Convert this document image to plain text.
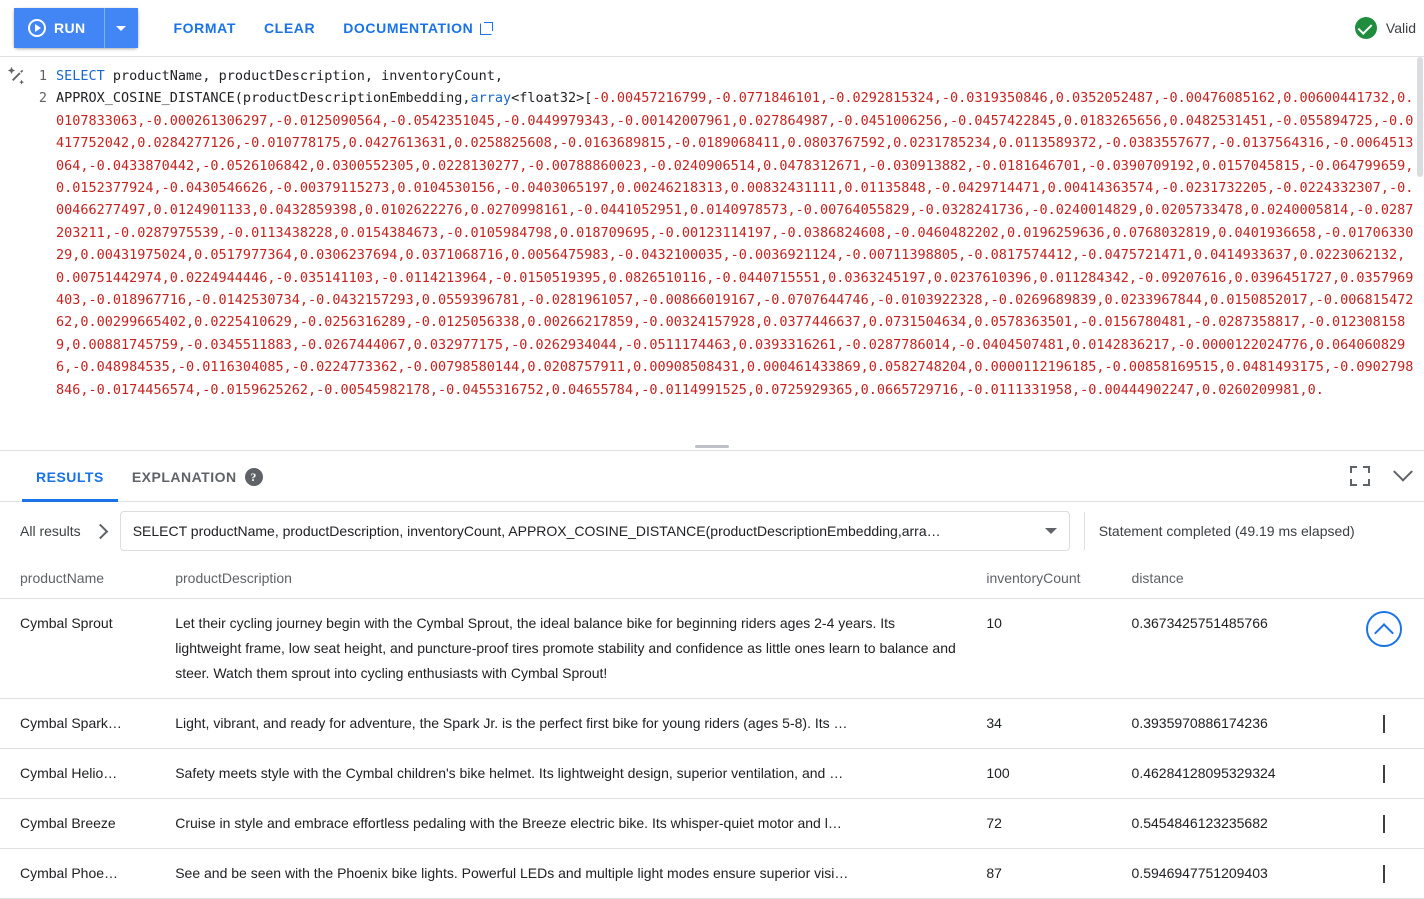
RUN	FORMAT CLEAR DOCUMENTATION	Valid
1
2
SELECT productName, productDescription, inventoryCount,
APPROX_COSINE_DISTANCE(productDescriptionEmbedding,array<float32>[-0.00457216799,-0.0771846101,-0.0292815324,-0.0319350846,0.0352052487,-0.00476085162,0.00600441732,0.0107833063,-0.000261306297,-0.0125090564,-0.0542351045,-0.0449979343,-0.00142007961,0.027864987,-0.0451006256,-0.0457422845,0.0183265656,0.0482531451,-0.055894725,-0.0417752042,0.0284277126,-0.010778175,0.0427613631,0.0258825608,-0.0163689815,-0.0189068411,0.0803767592,0.0231785234,0.0113589372,-0.0383557677,-0.0137564316,-0.0064513064,-0.0433870442,-0.0526106842,0.0300552305,0.0228130277,-0.00788860023,-0.0240906514,0.0478312671,-0.030913882,-0.0181646701,-0.0390709192,0.0157045815,-0.064799659,0.0152377924,-0.0430546626,-0.00379115273,0.0104530156,-0.0403065197,0.00246218313,0.00832431111,0.01135848,-0.0429714471,0.00414363574,-0.0231732205,-0.0224332307,-0.00466277497,0.0124901133,0.0432859398,0.0102622276,0.0270998161,-0.0441052951,0.0140978573,-0.00764055829,-0.0328241736,-0.0240014829,0.0205733478,0.0240005814,-0.0287203211,-0.0287975539,-0.0113438228,0.0154384673,-0.0105984798,0.018709695,-0.00123114197,-0.0386824608,-0.0460482202,0.0196259636,0.0768032819,0.0401936658,-0.0170633029,0.00431975024,0.0517977364,0.0306237694,0.0371068716,0.0056475983,-0.0432100035,-0.0036921124,-0.00711398805,-0.0817574412,-0.0475721471,0.0414933637,0.0223062132,0.00751442974,0.0224944446,-0.035141103,-0.0114213964,-0.0150519395,0.0826510116,-0.0440715551,0.0363245197,0.0237610396,0.011284342,-0.09207616,0.0396451727,0.0357969403,-0.018967716,-0.0142530734,-0.0432157293,0.0559396781,-0.0281961057,-0.00866019167,-0.0707644746,-0.0103922328,-0.0269689839,0.0233967844,0.0150852017,-0.00681547262,0.00299665402,0.0225410629,-0.0256316289,-0.0125056338,0.00266217859,-0.00324157928,0.0377446637,0.0731504634,0.0578363501,-0.0156780481,-0.0287358817,-0.0123081589,0.00881745759,-0.0345511883,-0.0267444067,0.032977175,-0.0262934044,-0.0511174463,0.0393316261,-0.0287786014,-0.0404507481,0.0142836217,-0.0000122024776,0.0640608296,-0.048984535,-0.0116304085,-0.0224773362,-0.00798580144,0.0208757911,0.00908508431,0.000461433869,0.0582748204,0.0000112196185,-0.00858169515,0.0481493175,-0.0902798846,-0.0174456574,-0.0159625262,-0.00545982178,-0.0455316752,0.04655784,-0.0114991525,0.0725929365,0.0665729716,-0.0111331958,-0.00444902247,0.0260209981,0.
RESULTS EXPLANATION	?
All results	SELECT productName, productDescription, inventoryCount, APPROX_COSINE_DISTANCE(productDescriptionEmbedding,arra…	Statement completed (49.19 ms elapsed)
productName	productDescription	inventoryCount	distance	
Cymbal Sprout	Let their cycling journey begin with the Cymbal Sprout, the ideal balance bike for beginning riders ages 2-4 years. Its lightweight frame, low seat height, and puncture-proof tires promote stability and confidence as little ones learn to balance and steer. Watch them sprout into cycling enthusiasts with Cymbal Sprout!	10	0.3673425751485766	

Cymbal Spark…	Light, vibrant, and ready for adventure, the Spark Jr. is the perfect first bike for young riders (ages 5-8). Its …	34	0.3935970886174236	
Cymbal Helio…	Safety meets style with the Cymbal children's bike helmet. Its lightweight design, superior ventilation, and …	100	0.46284128095329324	
Cymbal Breeze	Cruise in style and embrace effortless pedaling with the Breeze electric bike. Its whisper-quiet motor and l…	72	0.5454846123235682	
Cymbal Phoe…	See and be seen with the Phoenix bike lights. Powerful LEDs and multiple light modes ensure superior visi…	87	0.5946947751209403	
